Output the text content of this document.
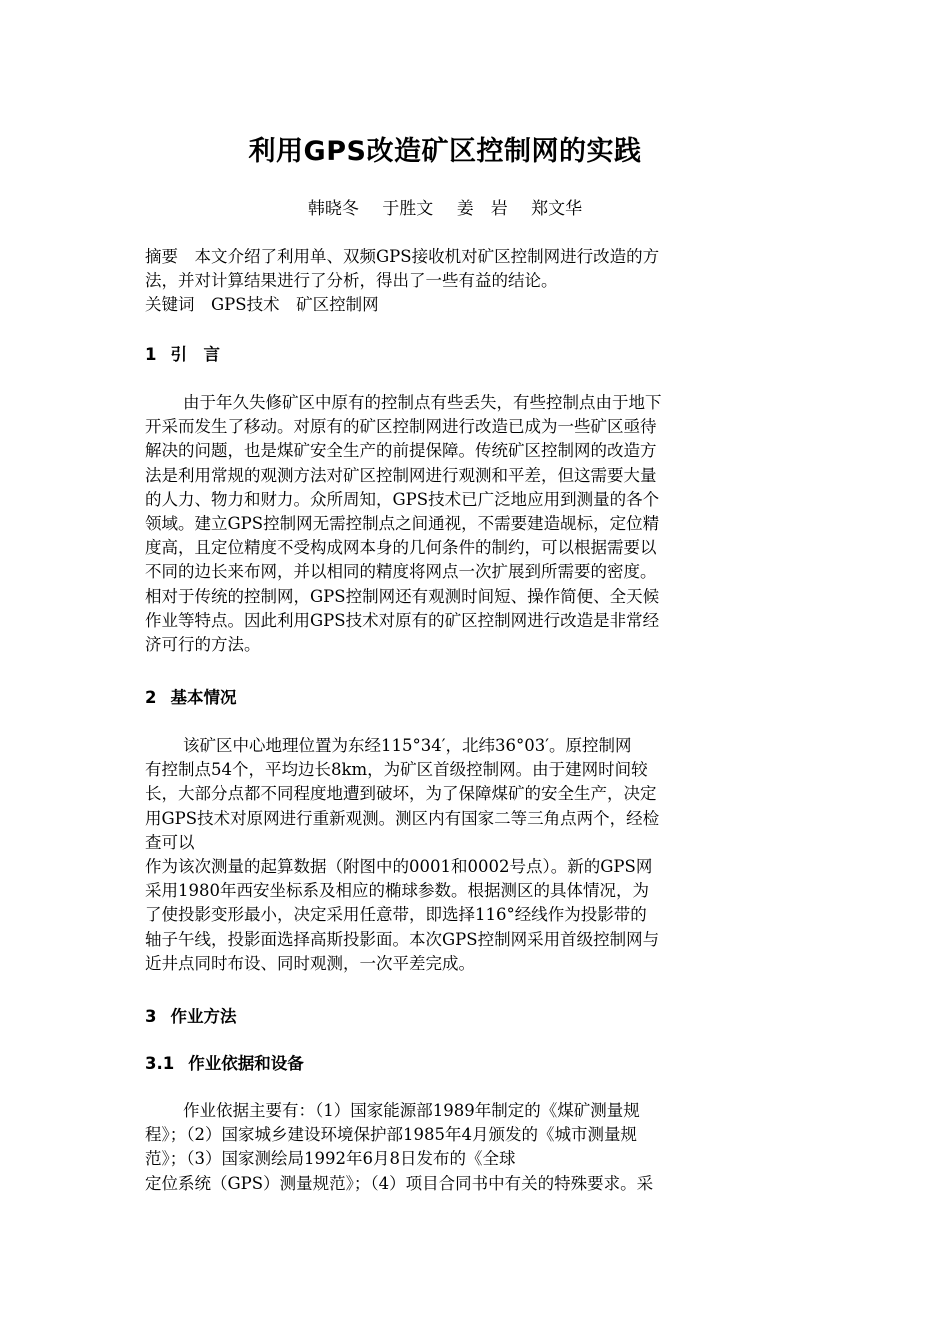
利用GPS改造矿区控制网的实践
韩晓冬 于胜文 姜　岩 郑文华
摘要　本文介绍了利用单、双频GPS接收机对矿区控制网进行改造的方
法，并对计算结果进行了分析，得出了一些有益的结论。
关键词　GPS技术　矿区控制网
1 引　言
由于年久失修矿区中原有的控制点有些丢失，有些控制点由于地下
开采而发生了移动。对原有的矿区控制网进行改造已成为一些矿区亟待
解决的问题，也是煤矿安全生产的前提保障。传统矿区控制网的改造方
法是利用常规的观测方法对矿区控制网进行观测和平差，但这需要大量
的人力、物力和财力。众所周知，GPS技术已广泛地应用到测量的各个
领域。建立GPS控制网无需控制点之间通视，不需要建造觇标，定位精
度高，且定位精度不受构成网本身的几何条件的制约，可以根据需要以
不同的边长来布网，并以相同的精度将网点一次扩展到所需要的密度。
相对于传统的控制网，GPS控制网还有观测时间短、操作简便、全天候
作业等特点。因此利用GPS技术对原有的矿区控制网进行改造是非常经
济可行的方法。
2 基本情况
该矿区中心地理位置为东经115°34′，北纬36°03′。原控制网
有控制点54个，平均边长8km，为矿区首级控制网。由于建网时间较
长，大部分点都不同程度地遭到破坏，为了保障煤矿的安全生产，决定
用GPS技术对原网进行重新观测。测区内有国家二等三角点两个，经检
查可以
作为该次测量的起算数据（附图中的0001和0002号点）。新的GPS网
采用1980年西安坐标系及相应的椭球参数。根据测区的具体情况，为
了使投影变形最小，决定采用任意带，即选择116°经线作为投影带的
轴子午线，投影面选择高斯投影面。本次GPS控制网采用首级控制网与
近井点同时布设、同时观测，一次平差完成。
3 作业方法
3.1 作业依据和设备
作业依据主要有：（1）国家能源部1989年制定的《煤矿测量规
程》；（2）国家城乡建设环境保护部1985年4月颁发的《城市测量规
范》；（3）国家测绘局1992年6月8日发布的《全球
定位系统（GPS）测量规范》；（4）项目合同书中有关的特殊要求。采
